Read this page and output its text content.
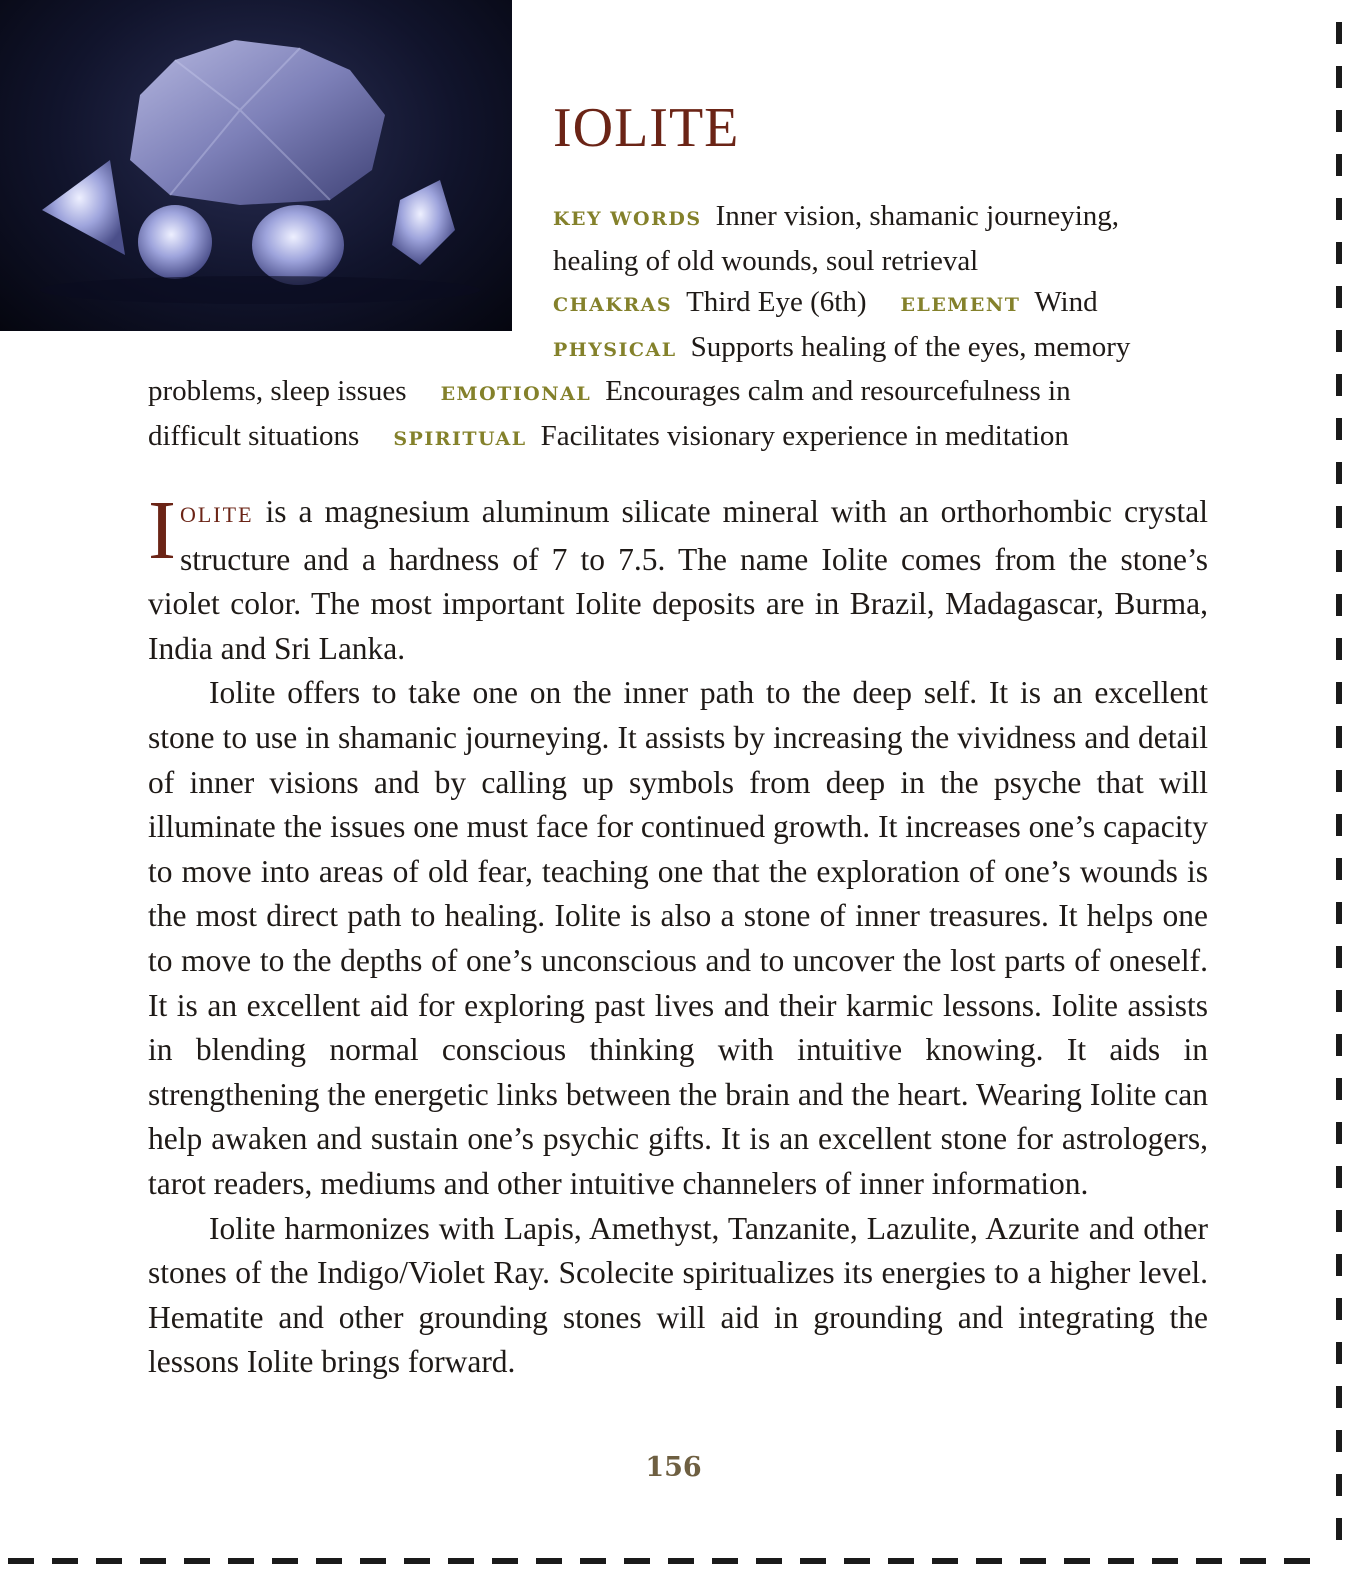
IOLITE
KEY WORDS Inner vision, shamanic journeying,
healing of old wounds, soul retrieval
CHAKRAS Third Eye (6th) ELEMENT Wind
PHYSICAL Supports healing of the eyes, memory
problems, sleep issues EMOTIONAL Encourages calm and resourcefulness in
difficult situations SPIRITUAL Facilitates visionary experience in meditation

IOLITE is a magnesium aluminum silicate mineral with an orthorhombic crystal structure and a hardness of 7 to 7.5. The name Iolite comes from the stone’s violet color. The most important Iolite deposits are in Brazil, Madagascar, Burma, India and Sri Lanka.

Iolite offers to take one on the inner path to the deep self. It is an excellent stone to use in shamanic journeying. It assists by increasing the vividness and detail of inner visions and by calling up symbols from deep in the psyche that will illuminate the issues one must face for continued growth. It increases one’s capacity to move into areas of old fear, teaching one that the exploration of one’s wounds is the most direct path to healing. Iolite is also a stone of inner treasures. It helps one to move to the depths of one’s unconscious and to uncover the lost parts of oneself. It is an excellent aid for exploring past lives and their karmic lessons. Iolite assists in blending normal conscious thinking with intuitive knowing. It aids in strengthening the energetic links between the brain and the heart. Wearing Iolite can help awaken and sustain one’s psychic gifts. It is an excellent stone for astrologers, tarot readers, mediums and other intuitive channelers of inner information.

Iolite harmonizes with Lapis, Amethyst, Tanzanite, Lazulite, Azurite and other stones of the Indigo/Violet Ray. Scolecite spiritualizes its energies to a higher level. Hematite and other grounding stones will aid in grounding and integrating the lessons Iolite brings forward.

156
